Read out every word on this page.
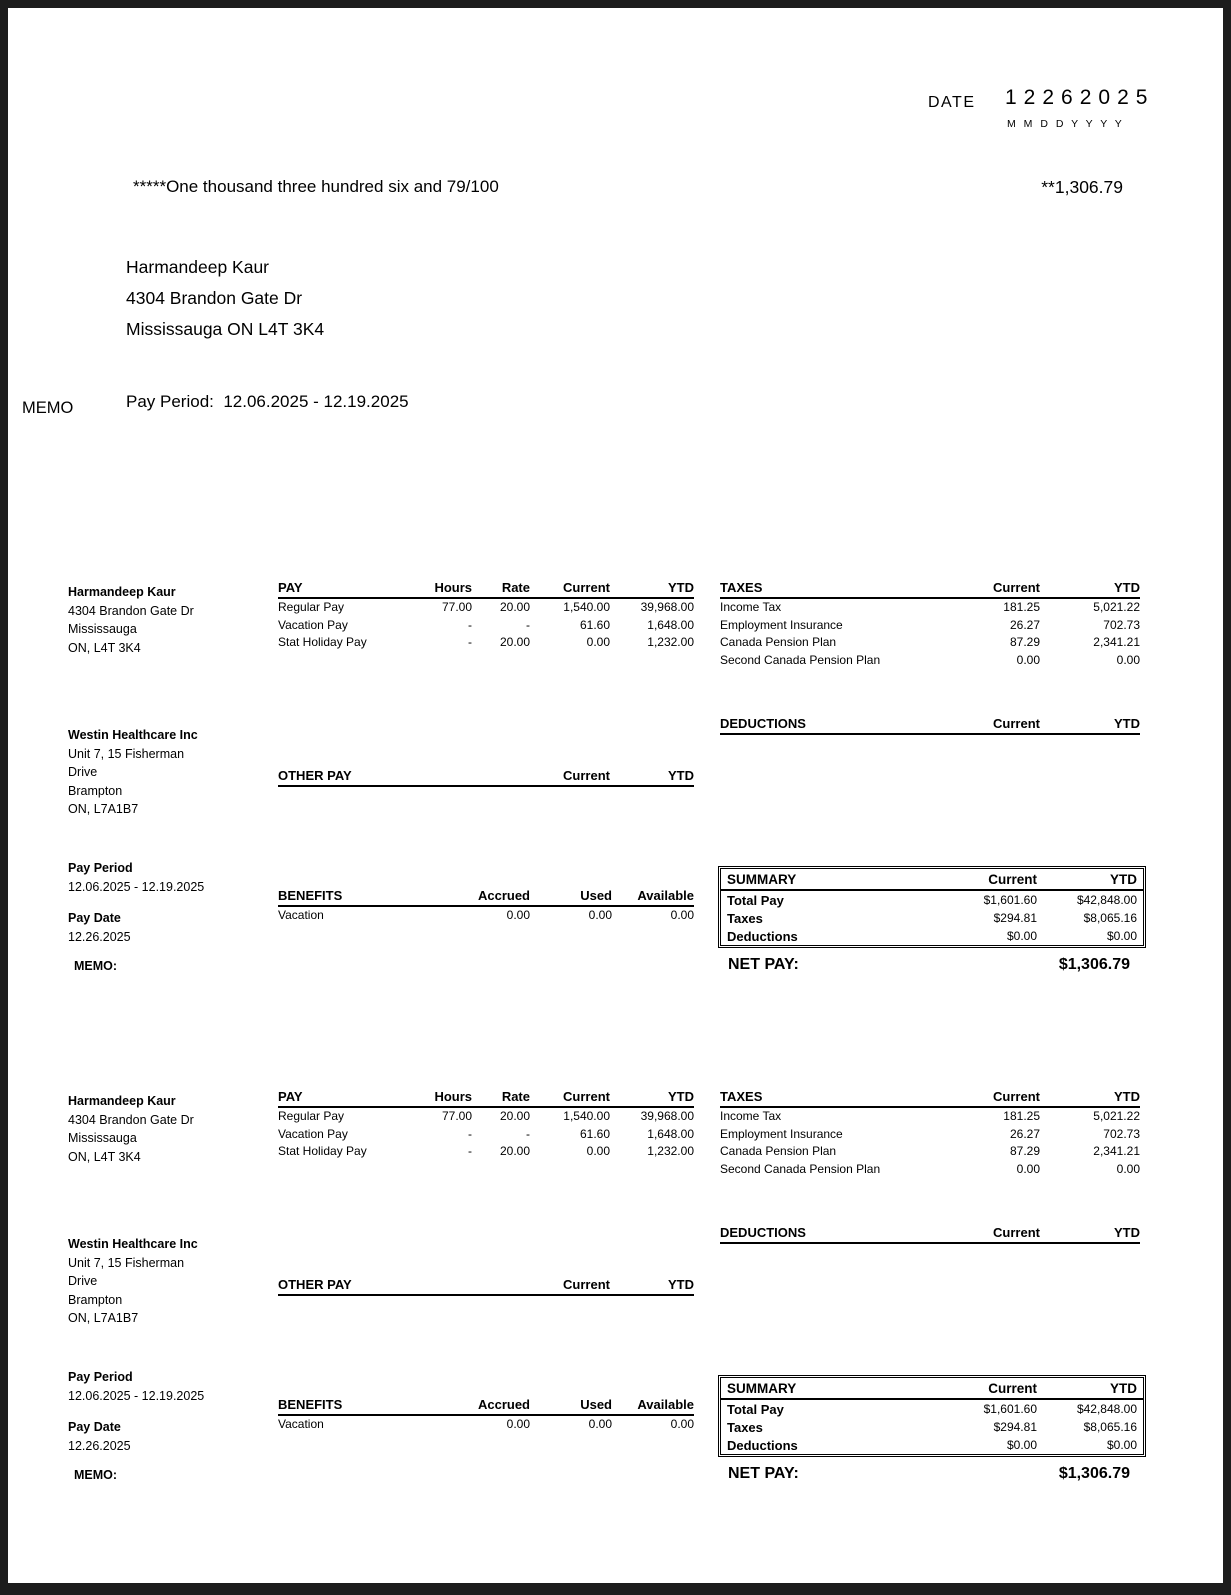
DATE 12262025
M M D D Y Y Y Y
*****One thousand three hundred six and 79/100	**1,306.79
Harmandeep Kaur
4304 Brandon Gate Dr
Mississauga ON L4T 3K4
MEMO	Pay Period:  12.06.2025 - 12.19.2025
Harmandeep Kaur
4304 Brandon Gate Dr
Mississauga
ON, L4T 3K4
Westin Healthcare Inc
Unit 7, 15 Fisherman
Drive
Brampton
ON, L7A1B7
Pay Period
12.06.2025 - 12.19.2025
Pay Date
12.26.2025
MEMO:
PAY	Hours	Rate	Current	YTD
Regular Pay	77.00	20.00	1,540.00	39,968.00
Vacation Pay	-	-	61.60	1,648.00
Stat Holiday Pay	-	20.00	0.00	1,232.00
TAXES	Current	YTD
Income Tax	181.25	5,021.22
Employment Insurance	26.27	702.73
Canada Pension Plan	87.29	2,341.21
Second Canada Pension Plan	0.00	0.00
DEDUCTIONS	Current	YTD
OTHER PAY	Current	YTD
BENEFITS	Accrued	Used	Available
Vacation	0.00	0.00	0.00
SUMMARY	Current	YTD
Total Pay	$1,601.60	$42,848.00
Taxes	$294.81	$8,065.16
Deductions	$0.00	$0.00
NET PAY:	$1,306.79
Harmandeep Kaur
4304 Brandon Gate Dr
Mississauga
ON, L4T 3K4
Westin Healthcare Inc
Unit 7, 15 Fisherman
Drive
Brampton
ON, L7A1B7
Pay Period
12.06.2025 - 12.19.2025
Pay Date
12.26.2025
MEMO:
PAY	Hours	Rate	Current	YTD
Regular Pay	77.00	20.00	1,540.00	39,968.00
Vacation Pay	-	-	61.60	1,648.00
Stat Holiday Pay	-	20.00	0.00	1,232.00
TAXES	Current	YTD
Income Tax	181.25	5,021.22
Employment Insurance	26.27	702.73
Canada Pension Plan	87.29	2,341.21
Second Canada Pension Plan	0.00	0.00
DEDUCTIONS	Current	YTD
OTHER PAY	Current	YTD
BENEFITS	Accrued	Used	Available
Vacation	0.00	0.00	0.00
SUMMARY	Current	YTD
Total Pay	$1,601.60	$42,848.00
Taxes	$294.81	$8,065.16
Deductions	$0.00	$0.00
NET PAY:	$1,306.79
